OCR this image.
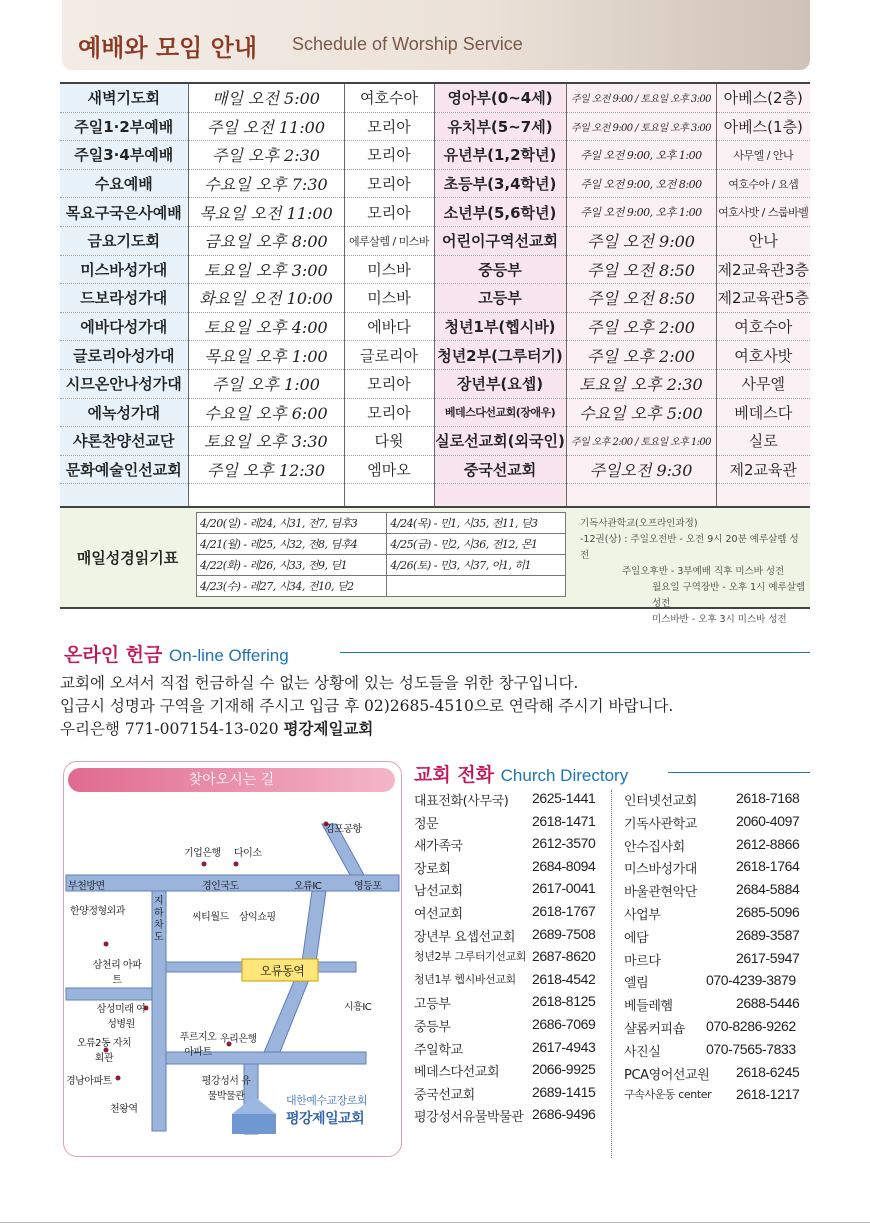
예배와 모임 안내 Schedule of Worship Service
새벽기도회	매일 오전 5:00	여호수아	영아부(0~4세)	주일 오전 9:00 / 토요일 오후 3:00	아베스(2층)
주일1·2부예배	주일 오전 11:00	모리아	유치부(5~7세)	주일 오전 9:00 / 토요일 오후 3:00	아베스(1층)
주일3·4부예배	주일 오후 2:30	모리아	유년부(1,2학년)	주일 오전 9:00, 오후 1:00	사무엘 / 안나
수요예배	수요일 오후 7:30	모리아	초등부(3,4학년)	주일 오전 9:00, 오전 8:00	여호수아 / 요셉
목요구국은사예배	목요일 오전 11:00	모리아	소년부(5,6학년)	주일 오전 9:00, 오후 1:00	여호사밧 / 스룹바벨
금요기도회	금요일 오후 8:00	에루살렘 / 미스바	어린이구역선교회	주일 오전 9:00	안나
미스바성가대	토요일 오후 3:00	미스바	중등부	주일 오전 8:50	제2교육관3층
드보라성가대	화요일 오전 10:00	미스바	고등부	주일 오전 8:50	제2교육관5층
에바다성가대	토요일 오후 4:00	에바다	청년1부(헵시바)	주일 오후 2:00	여호수아
글로리아성가대	목요일 오후 1:00	글로리아	청년2부(그루터기)	주일 오후 2:00	여호사밧
시므온안나성가대	주일 오후 1:00	모리아	장년부(요셉)	토요일 오후 2:30	사무엘
에녹성가대	수요일 오후 6:00	모리아	베데스다선교회(장애우)	수요일 오후 5:00	베데스다
샤론찬양선교단	토요일 오후 3:30	다윗	실로선교회(외국인)	주일 오후 2:00 / 토요일 오후 1:00	실로
문화예술인선교회	주일 오후 12:30	엠마오	중국선교회	주일오전 9:30	제2교육관

매일성경읽기표
4/20(일) - 레24, 시31, 전7, 딤후3	4/24(목) - 민1, 시35, 전11, 딛3
4/21(월) - 레25, 시32, 전8, 딤후4	4/25(금) - 민2, 시36, 전12, 몬1
4/22(화) - 레26, 시33, 전9, 딛1	4/26(토) - 민3, 시37, 아1, 히1
4/23(수) - 레27, 시34, 전10, 딛2	
기독사관학교(오프라인과정)
-12권(상) : 주일오전반 - 오전 9시 20분 예루살렘 성전
주일오후반 - 3부예배 직후 미스바 성전
월요일 구역장반 - 오후 1시 예루살렘 성전
미스바반 - 오후 3시 미스바 성전
온라인 헌금 On-line Offering
교회에 오셔서 직접 헌금하실 수 없는 상황에 있는 성도들을 위한 창구입니다.
입금시 성명과 구역을 기재해 주시고 입금 후 02)2685-4510으로 연락해 주시기 바랍니다.
우리은행 771-007154-13-020 평강제일교회
찾아오시는 길
김포공항
기업은행 다이소
부천방면	경인국도	오류IC	영등포
한양정형외과
지하차도
씨티월드 삼익쇼핑
삼천리 아파트
오류동역
시흥IC
삼성미래 여성병원
오류2동 자치회관
푸르지오 아파트
우리은행
경남아파트	평강성서 유물박물관
천왕역
대한예수교장로회
평강제일교회
교회 전화 Church Directory
대표전화(사무국) 2625-1441
정문	2618-1471
새가족국	2612-3570
장로회	2684-8094
남선교회	2617-0041
여선교회	2618-1767
장년부 요셉선교회 2689-7508
청년2부 그루터기선교회 2687-8620
청년1부 헵시바선교회 2618-4542
고등부	2618-8125
중등부	2686-7069
주일학교	2617-4943
베데스다선교회 2066-9925
중국선교회	2689-1415
평강성서유물박물관 2686-9496
인터넷선교회	2618-7168
기독사관학교	2060-4097
안수집사회	2612-8866
미스바성가대	2618-1764
바울관현악단	2684-5884
사업부	2685-5096
에담	2689-3587
마르다	2617-5947
엘림	070-4239-3879
베들레헴	2688-5446
샬롬커피숍 070-8286-9262
사진실	070-7565-7833
PCA영어선교원 2618-6245
구속사운동 center 2618-1217
